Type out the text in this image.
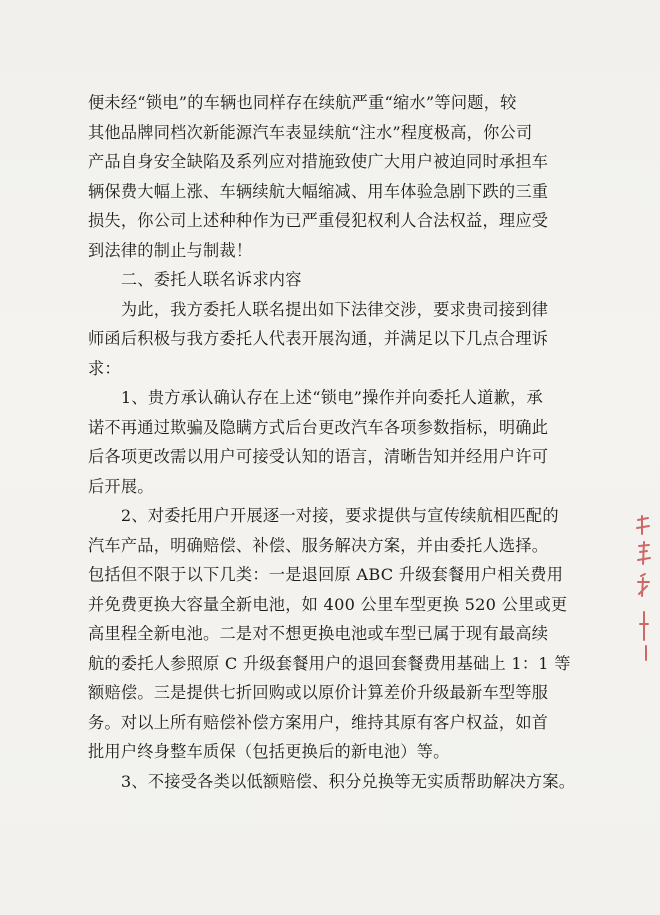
便未经“锁电”的车辆也同样存在续航严重“缩水”等问题，较
其他品牌同档次新能源汽车表显续航“注水”程度极高，你公司
产品自身安全缺陷及系列应对措施致使广大用户被迫同时承担车
辆保费大幅上涨、车辆续航大幅缩减、用车体验急剧下跌的三重
损失，你公司上述种种作为已严重侵犯权利人合法权益，理应受
到法律的制止与制裁！
　　二、委托人联名诉求内容
　　为此，我方委托人联名提出如下法律交涉，要求贵司接到律
师函后积极与我方委托人代表开展沟通，并满足以下几点合理诉
求：
　　1、贵方承认确认存在上述“锁电”操作并向委托人道歉，承
诺不再通过欺骗及隐瞒方式后台更改汽车各项参数指标，明确此
后各项更改需以用户可接受认知的语言，清晰告知并经用户许可
后开展。
　　2、对委托用户开展逐一对接，要求提供与宣传续航相匹配的
汽车产品，明确赔偿、补偿、服务解决方案，并由委托人选择。
包括但不限于以下几类：一是退回原 ABC 升级套餐用户相关费用
并免费更换大容量全新电池，如 400 公里车型更换 520 公里或更
高里程全新电池。二是对不想更换电池或车型已属于现有最高续
航的委托人参照原 C 升级套餐用户的退回套餐费用基础上 1：1 等
额赔偿。三是提供七折回购或以原价计算差价升级最新车型等服
务。对以上所有赔偿补偿方案用户，维持其原有客户权益，如首
批用户终身整车质保（包括更换后的新电池）等。
　　3、不接受各类以低额赔偿、积分兑换等无实质帮助解决方案。
